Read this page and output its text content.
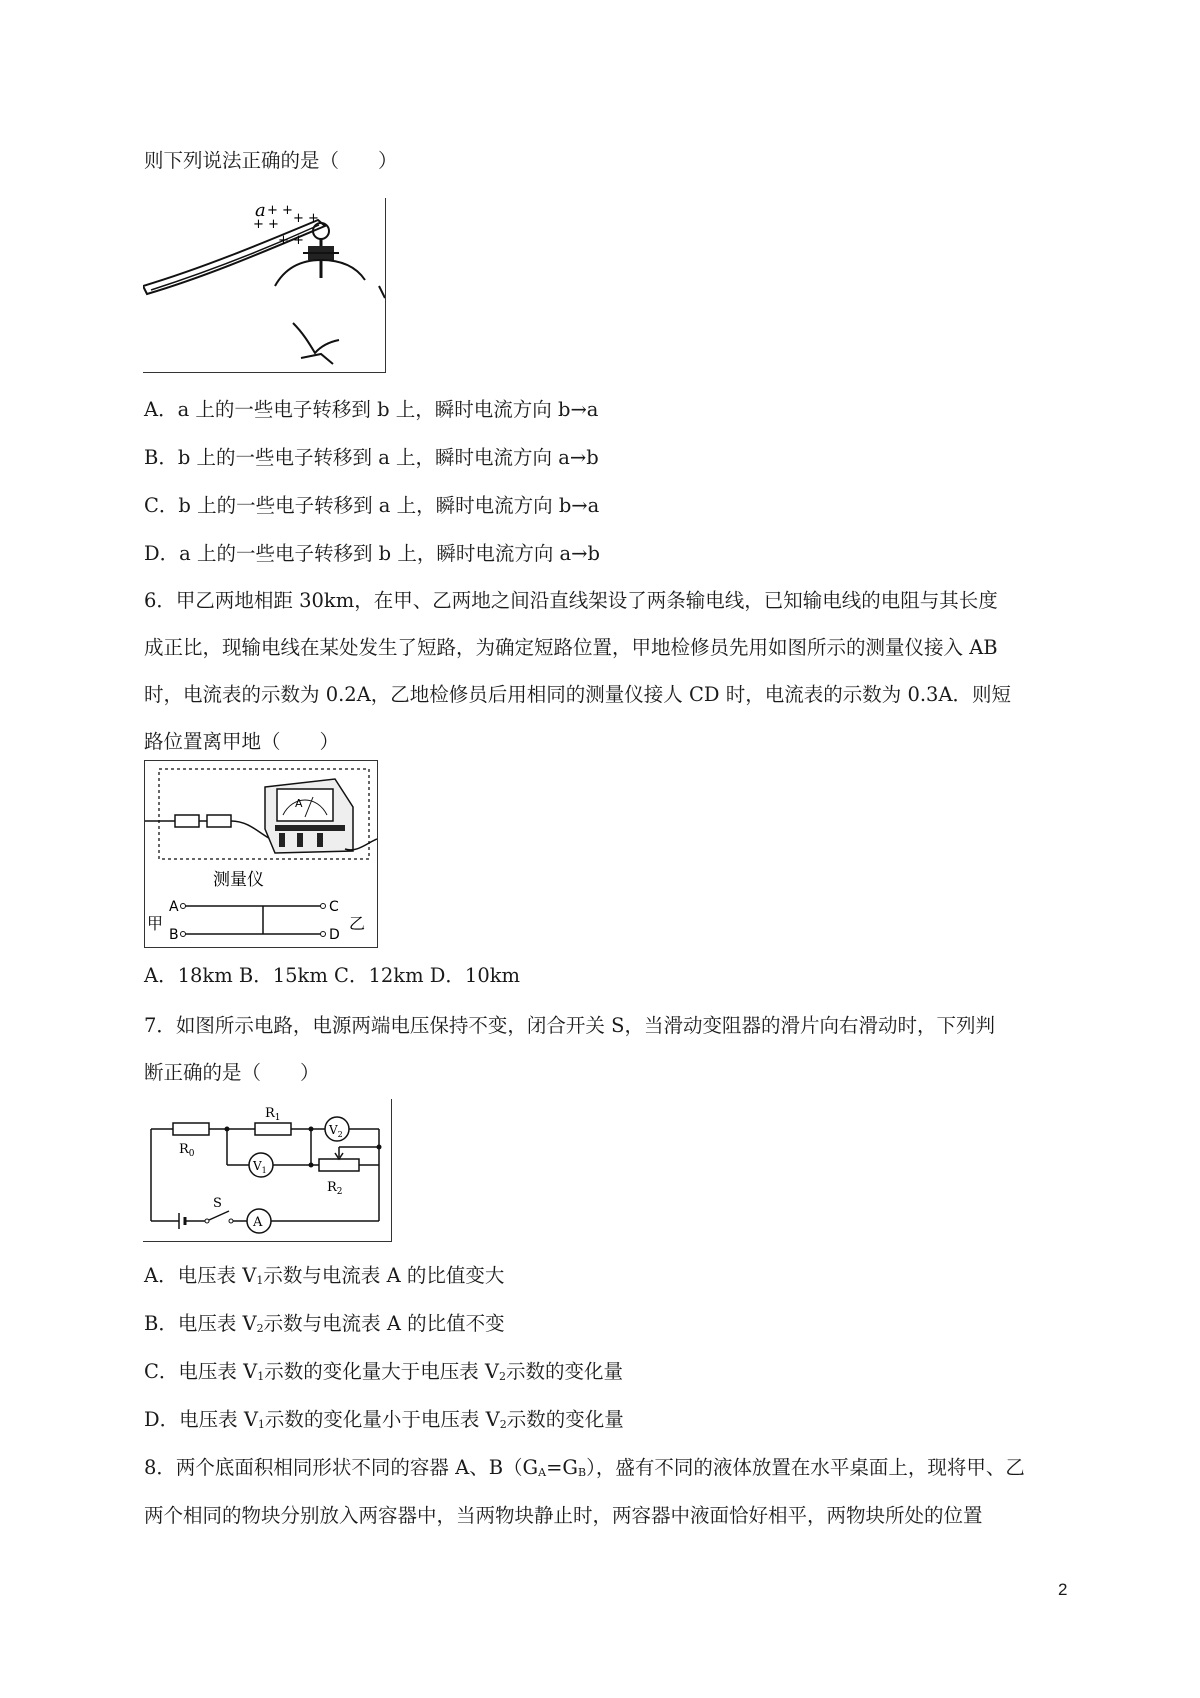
则下列说法正确的是（　　）
a + +
+ + + +
+ +
A．a 上的一些电子转移到 b 上，瞬时电流方向 b→a
B．b 上的一些电子转移到 a 上，瞬时电流方向 a→b
C．b 上的一些电子转移到 a 上，瞬时电流方向 b→a
D．a 上的一些电子转移到 b 上，瞬时电流方向 a→b
6．甲乙两地相距 30km，在甲、乙两地之间沿直线架设了两条输电线，已知输电线的电阻与其长度
成正比，现输电线在某处发生了短路，为确定短路位置，甲地检修员先用如图所示的测量仪接入 AB
时，电流表的示数为 0.2A，乙地检修员后用相同的测量仪接人 CD 时，电流表的示数为 0.3A．则短
路位置离甲地（　　）
A
测量仪
甲
A
B
C
D
乙
A．18km B．15km C．12km D．10km
7．如图所示电路，电源两端电压保持不变，闭合开关 S，当滑动变阻器的滑片向右滑动时，下列判
断正确的是（　　）
$R_0$
$R_1$
$V_2$
$V_1$
$R_2$
S
A
A．电压表 $V_1$示数与电流表 A 的比值变大
B．电压表 $V_2$示数与电流表 A 的比值不变
C．电压表 $V_1$示数的变化量大于电压表 $V_2$示数的变化量
D．电压表 $V_1$示数的变化量小于电压表 $V_2$示数的变化量
8．两个底面积相同形状不同的容器 A、$B(G_A=G_B)$，盛有不同的液体放置在水平桌面上，现将甲、乙
两个相同的物块分别放入两容器中，当两物块静止时，两容器中液面恰好相平，两物块所处的位置
2
